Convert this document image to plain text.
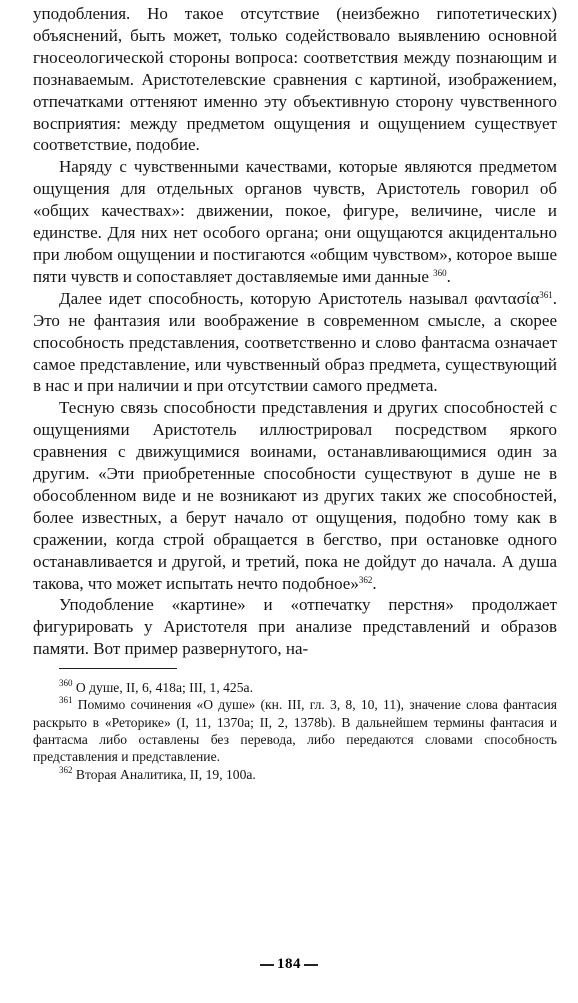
уподобления. Но такое отсутствие (неизбежно гипотетических) объяснений, быть может, только содействовало выявлению основной гносеологической стороны вопроса: соответствия между познающим и познаваемым. Аристотелевские сравнения с картиной, изображением, отпечатками оттеняют именно эту объективную сторону чувственного восприятия: между предметом ощущения и ощущением существует соответствие, подобие.

Наряду с чувственными качествами, которые являются предметом ощущения для отдельных органов чувств, Аристотель говорил об «общих качествах»: движении, покое, фигуре, величине, числе и единстве. Для них нет особого органа; они ощущаются акцидентально при любом ощущении и постигаются «общим чувством», которое выше пяти чувств и сопоставляет доставляемые ими данные $^{360}$.

Далее идет способность, которую Аристотель называл φαντασία$^{361}$. Это не фантазия или воображение в современном смысле, а скорее способность представления, соответственно и слово фантасма означает самое представление, или чувственный образ предмета, существующий в нас и при наличии и при отсутствии самого предмета.

Тесную связь способности представления и других способностей с ощущениями Аристотель иллюстрировал посредством яркого сравнения с движущимися воинами, останавливающимися один за другим. «Эти приобретенные способности существуют в душе не в обособленном виде и не возникают из других таких же способностей, более известных, а берут начало от ощущения, подобно тому как в сражении, когда строй обращается в бегство, при остановке одного останавливается и другой, и третий, пока не дойдут до начала. А душа такова, что может испытать нечто подобное»$^{362}$.

Уподобление «картине» и «отпечатку перстня» продолжает фигурировать у Аристотеля при анализе представлений и образов памяти. Вот пример развернутого, на-

$^{360}$ О душе, II, 6, 418a; III, 1, 425a.

$^{361}$ Помимо сочинения «О душе» (кн. III, гл. 3, 8, 10, 11), значение слова фантасия раскрыто в «Реторике» (I, 11, 1370a; II, 2, 1378b). В дальнейшем термины фантасия и фантасма либо оставлены без перевода, либо передаются словами способность представления и представление.

$^{362}$ Вторая Аналитика, II, 19, 100a.

184
